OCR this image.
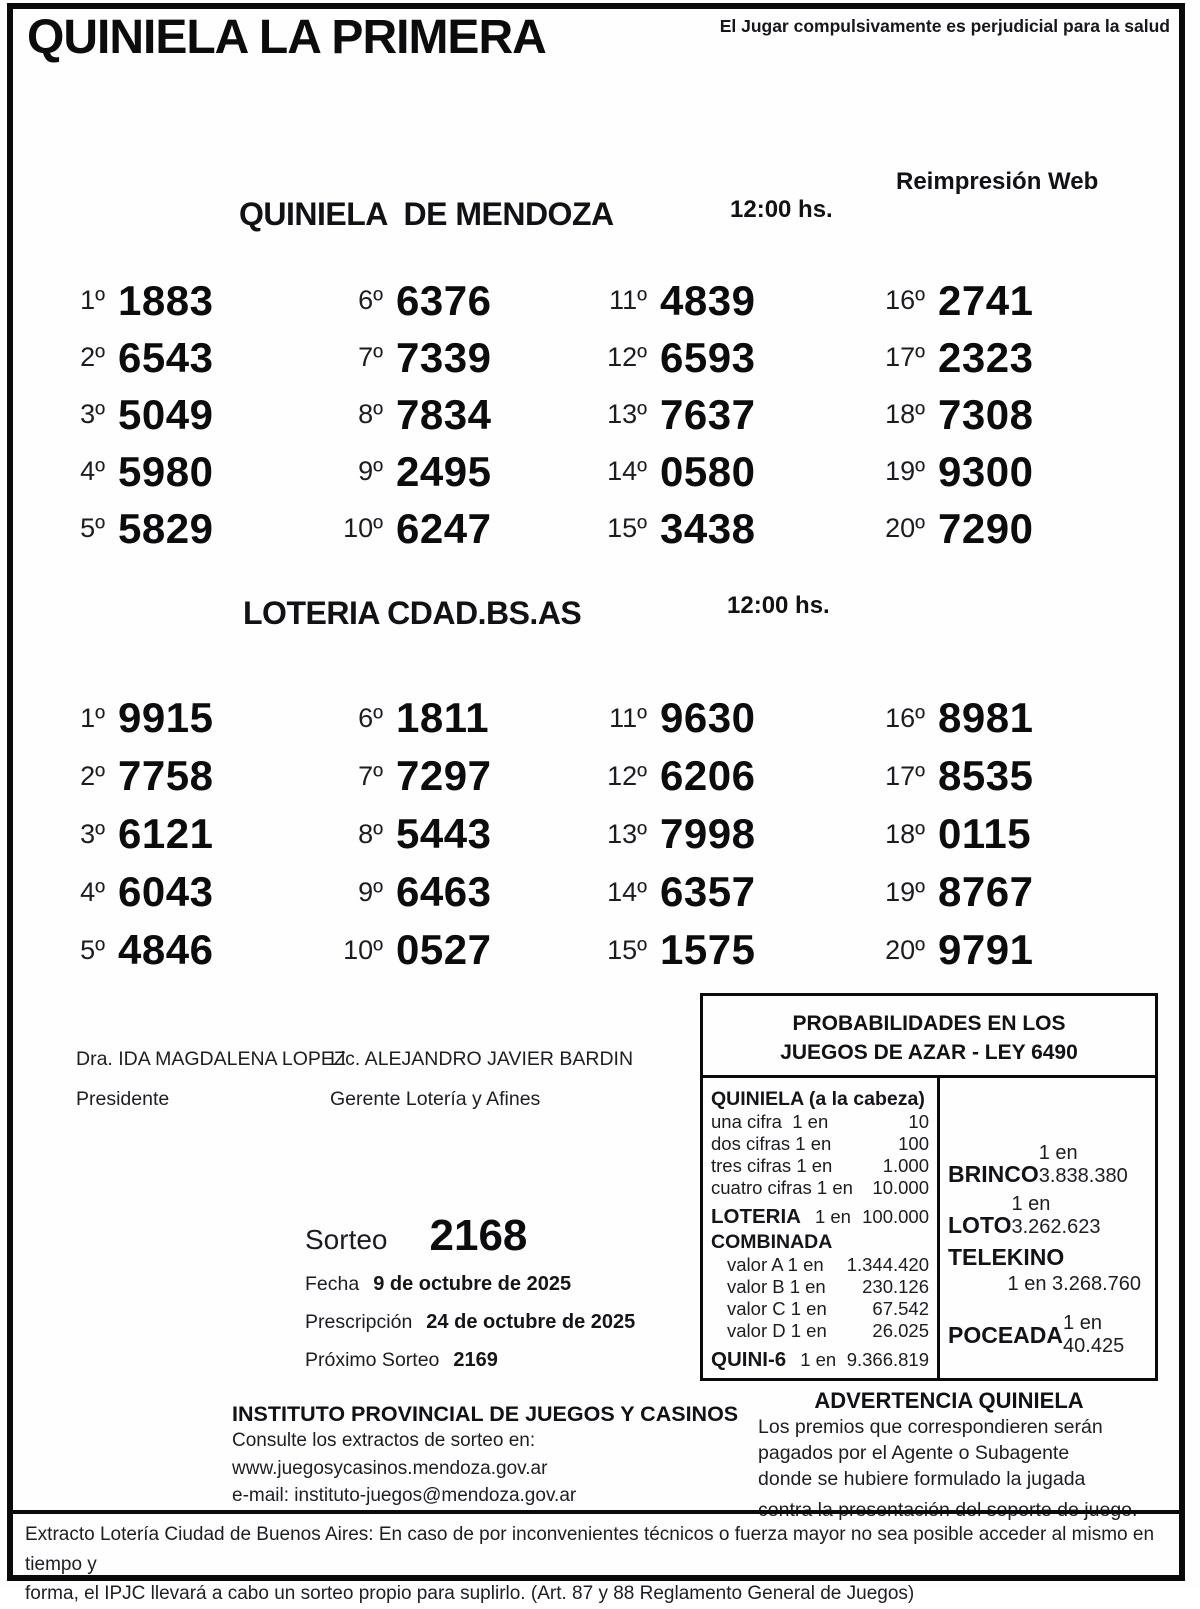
QUINIELA LA PRIMERA	El Jugar compulsivamente es perjudicial para la salud
Reimpresión Web
QUINIELA  DE MENDOZA	12:00 hs.
1º 1883
2º 6543
3º 5049
4º 5980
5º 5829
6º 6376
7º 7339
8º 7834
9º 2495
10º 6247
11º 4839
12º 6593
13º 7637
14º 0580
15º 3438
16º 2741
17º 2323
18º 7308
19º 9300
20º 7290
LOTERIA CDAD.BS.AS	12:00 hs.
1º 9915
2º 7758
3º 6121
4º 6043
5º 4846
6º 1811
7º 7297
8º 5443
9º 6463
10º 0527
11º 9630
12º 6206
13º 7998
14º 6357
15º 1575
16º 8981
17º 8535
18º 0115
19º 8767
20º 9791
Dra. IDA MAGDALENA LOPEZ
Presidente
Lic. ALEJANDRO JAVIER BARDIN
Gerente Lotería y Afines
Sorteo 2168
Fecha 9 de octubre de 2025
Prescripción 24 de octubre de 2025
Próximo Sorteo 2169
PROBABILIDADES EN LOS
JUEGOS DE AZAR - LEY 6490
QUINIELA (a la cabeza)
una cifra  1 en	10
dos cifras 1 en	100
tres cifras 1 en	1.000
cuatro cifras 1 en 10.000
LOTERIA 1 en 100.000
COMBINADA
valor A 1 en 1.344.420
valor B 1 en 230.126
valor C 1 en 67.542
valor D 1 en 26.025
QUINI-6 1 en 9.366.819
BRINCO
1 en 3.838.380
LOTO
1 en 3.262.623
TELEKINO
1 en 3.268.760
POCEADA 1 en 40.425
ADVERTENCIA QUINIELA
Los premios que correspondieren serán
pagados por el Agente o Subagente
donde se hubiere formulado la jugada
INSTITUTO PROVINCIAL DE JUEGOS Y CASINOS
Consulte los extractos de sorteo en:
www.juegosycasinos.mendoza.gov.ar
e-mail: instituto-juegos@mendoza.gov.ar
Extracto Lotería Ciudad de Buenos Aires: En caso de por inconvenientes técnicos o fuerza mayor no sea posible acceder al mismo en tiempo y
forma, el IPJC llevará a cabo un sorteo propio para suplirlo. (Art. 87 y 88 Reglamento General de Juegos)
